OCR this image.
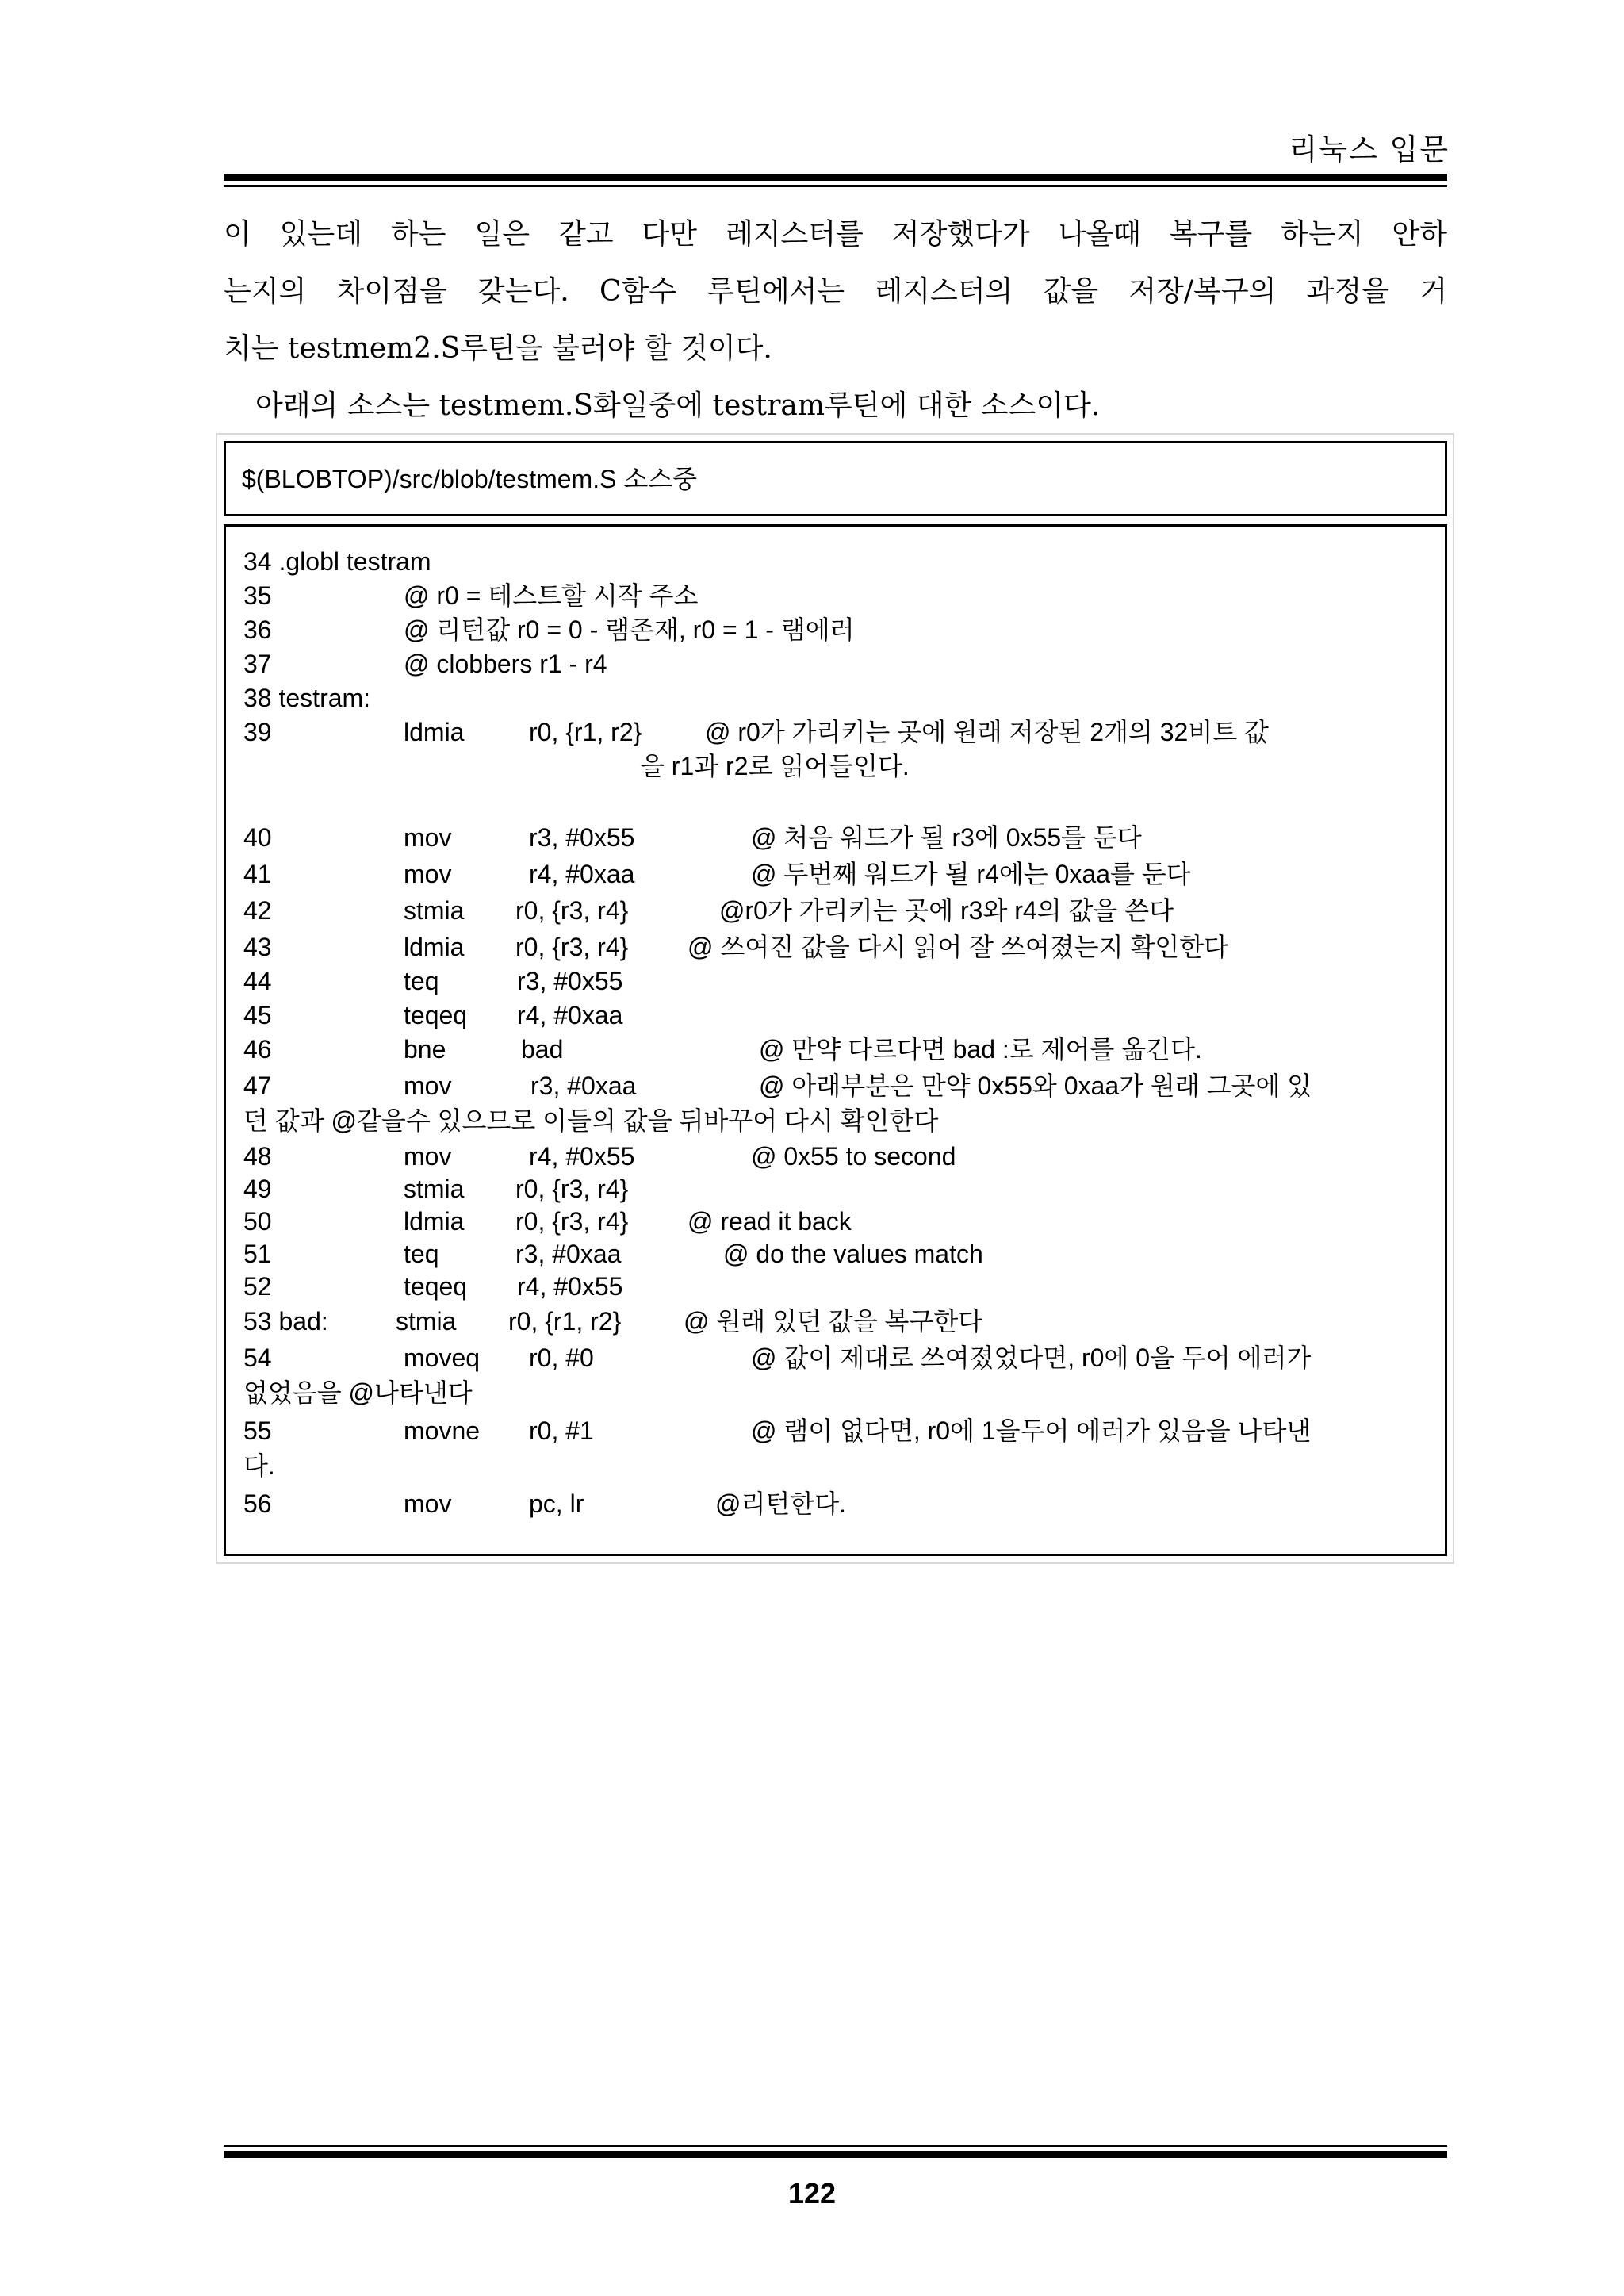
리눅스 입문
이 있는데 하는 일은 같고 다만 레지스터를 저장했다가 나올때 복구를 하는지 안하
는지의 차이점을 갖는다. C함수 루틴에서는 레지스터의 값을 저장/복구의 과정을 거
치는 testmem2.S루틴을 불러야 할 것이다.
아래의 소스는 testmem.S화일중에 testram루틴에 대한 소스이다.
$(BLOBTOP)/src/blob/testmem.S 소스중
34 .globl testram
35	@ r0 = 테스트할 시작 주소
36	@ 리턴값 r0 = 0 - 램존재, r0 = 1 - 램에러
37	@ clobbers r1 - r4
38 testram:
39	ldmia	r0, {r1, r2} @ r0가 가리키는 곳에 원래 저장된 2개의 32비트 값
을 r1과 r2로 읽어들인다.
40	mov	r3, #0x55	@ 처음 워드가 될 r3에 0x55를 둔다
41	mov	r4, #0xaa	@ 두번째 워드가 될 r4에는 0xaa를 둔다
42	stmia r0, {r3, r4}	@r0가 가리키는 곳에 r3와 r4의 값을 쓴다
43	ldmia r0, {r3, r4} @ 쓰여진 값을 다시 읽어 잘 쓰여졌는지 확인한다
44	teq	r3, #0x55
45	teqeq r4, #0xaa
46	bne	bad	@ 만약 다르다면 bad :로 제어를 옮긴다.
47	mov	r3, #0xaa	@ 아래부분은 만약 0x55와 0xaa가 원래 그곳에 있
던 값과 @같을수 있으므로 이들의 값을 뒤바꾸어 다시 확인한다
48	mov	r4, #0x55	@ 0x55 to second
49	stmia r0, {r3, r4}
50	ldmia r0, {r3, r4} @ read it back
51	teq	r3, #0xaa	@ do the values match
52	teqeq r4, #0x55
53 bad:	stmia r0, {r1, r2} @ 원래 있던 값을 복구한다
54	moveq r0, #0	@ 값이 제대로 쓰여졌었다면, r0에 0을 두어 에러가
없었음을 @나타낸다
55	movne r0, #1	@ 램이 없다면, r0에 1을두어 에러가 있음을 나타낸
다.
56	mov	pc, lr	@리턴한다.
122
